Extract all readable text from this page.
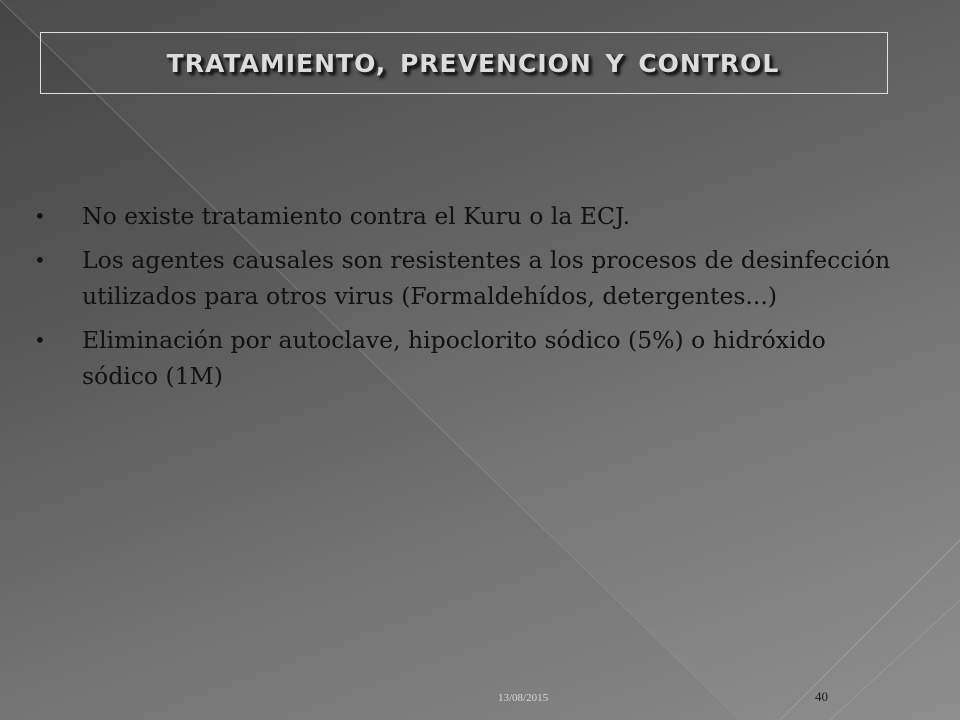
TRATAMIENTO, PREVENCION Y CONTROL
•	No existe tratamiento contra el Kuru o la ECJ.
•	Los agentes causales son resistentes a los procesos de desinfección utilizados para otros virus (Formaldehídos, detergentes...)
•	Eliminación por autoclave, hipoclorito sódico (5%) o hidróxido sódico (1M)
13/08/2015	40
